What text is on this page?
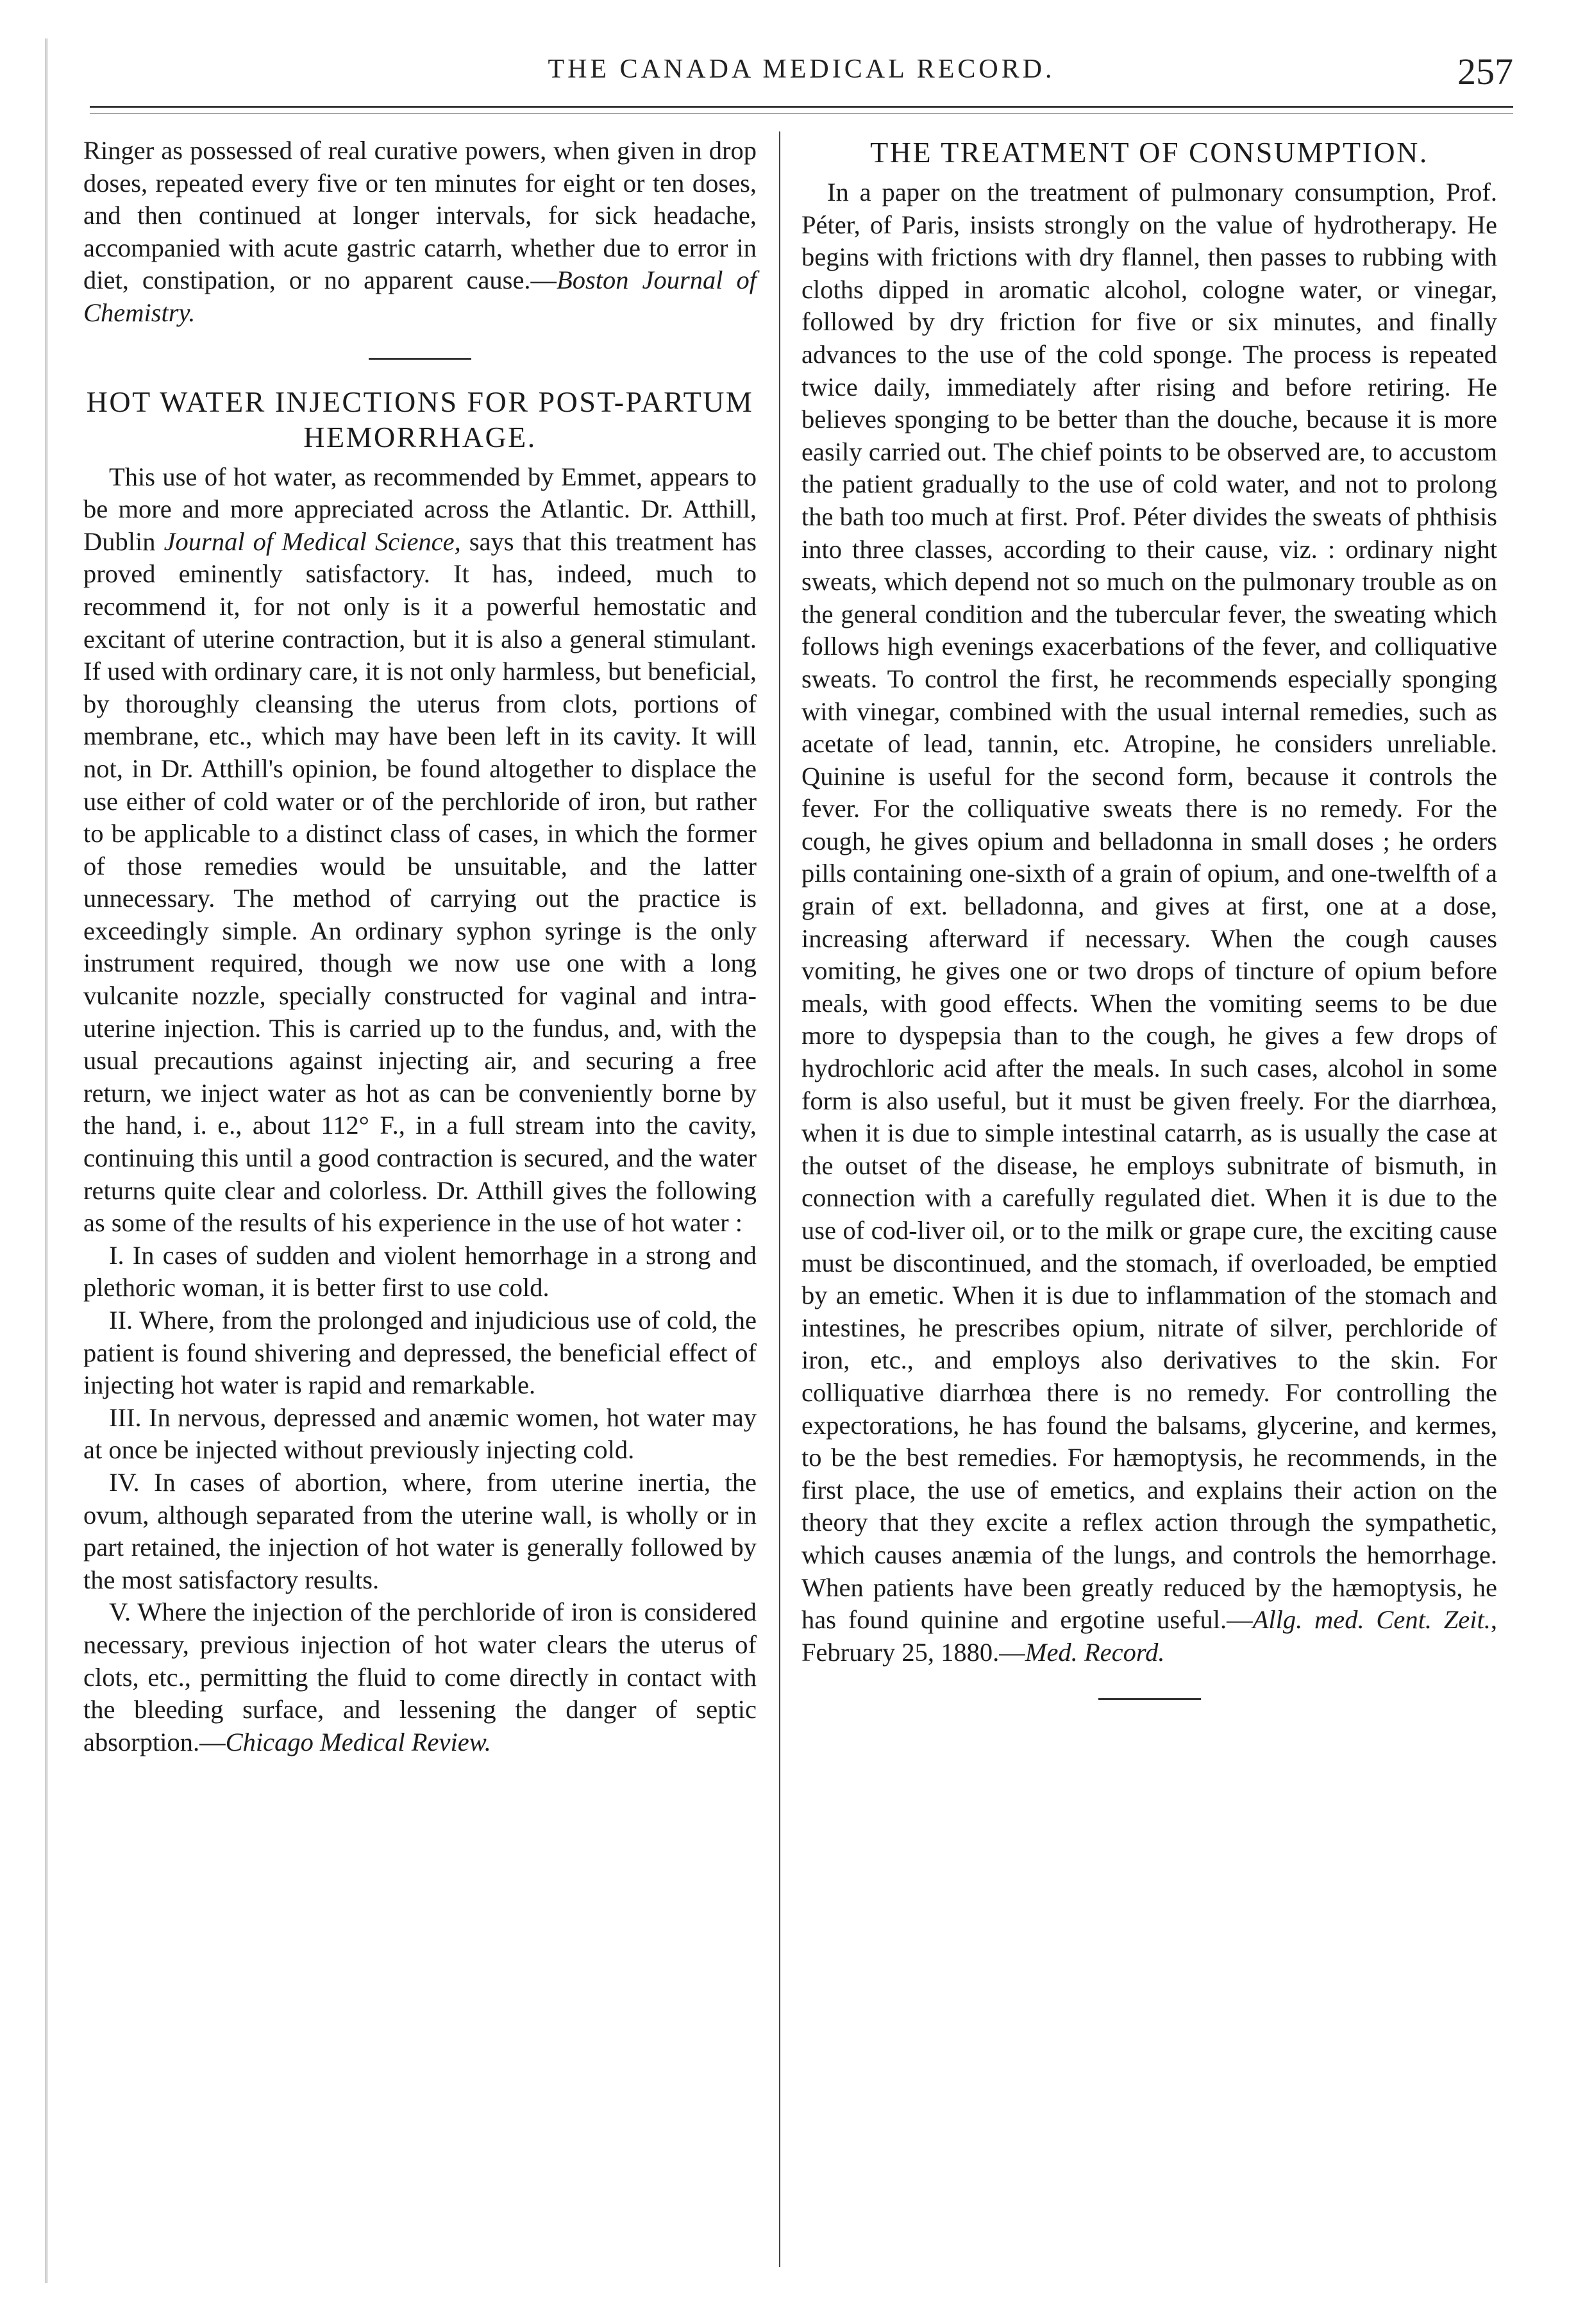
THE CANADA MEDICAL RECORD.	257

Ringer as possessed of real curative powers, when given in drop doses, repeated every five or ten minutes for eight or ten doses, and then continued at longer intervals, for sick headache, accompanied with acute gastric catarrh, whether due to error in diet, constipation, or no apparent cause.—Boston Journal of Chemistry.

HOT WATER INJECTIONS FOR POST-PARTUM HEMORRHAGE.

This use of hot water, as recommended by Emmet, appears to be more and more appreciated across the Atlantic. Dr. Atthill, Dublin Journal of Medical Science, says that this treatment has proved eminently satisfactory. It has, indeed, much to recommend it, for not only is it a powerful hemostatic and excitant of uterine contraction, but it is also a general stimulant. If used with ordinary care, it is not only harmless, but beneficial, by thoroughly cleansing the uterus from clots, portions of membrane, etc., which may have been left in its cavity. It will not, in Dr. Atthill's opinion, be found altogether to displace the use either of cold water or of the perchloride of iron, but rather to be applicable to a distinct class of cases, in which the former of those remedies would be unsuitable, and the latter unnecessary. The method of carrying out the practice is exceedingly simple. An ordinary syphon syringe is the only instrument required, though we now use one with a long vulcanite nozzle, specially constructed for vaginal and intra-uterine injection. This is carried up to the fundus, and, with the usual precautions against injecting air, and securing a free return, we inject water as hot as can be conveniently borne by the hand, i. e., about 112° F., in a full stream into the cavity, continuing this until a good contraction is secured, and the water returns quite clear and colorless. Dr. Atthill gives the following as some of the results of his experience in the use of hot water :

I. In cases of sudden and violent hemorrhage in a strong and plethoric woman, it is better first to use cold.

II. Where, from the prolonged and injudicious use of cold, the patient is found shivering and depressed, the beneficial effect of injecting hot water is rapid and remarkable.

III. In nervous, depressed and anæmic women, hot water may at once be injected without previously injecting cold.

IV. In cases of abortion, where, from uterine inertia, the ovum, although separated from the uterine wall, is wholly or in part retained, the injection of hot water is generally followed by the most satisfactory results.

V. Where the injection of the perchloride of iron is considered necessary, previous injection of hot water clears the uterus of clots, etc., permitting the fluid to come directly in contact with the bleeding surface, and lessening the danger of septic absorption.—Chicago Medical Review.

THE TREATMENT OF CONSUMPTION.

In a paper on the treatment of pulmonary consumption, Prof. Péter, of Paris, insists strongly on the value of hydrotherapy. He begins with frictions with dry flannel, then passes to rubbing with cloths dipped in aromatic alcohol, cologne water, or vinegar, followed by dry friction for five or six minutes, and finally advances to the use of the cold sponge. The process is repeated twice daily, immediately after rising and before retiring. He believes sponging to be better than the douche, because it is more easily carried out. The chief points to be observed are, to accustom the patient gradually to the use of cold water, and not to prolong the bath too much at first. Prof. Péter divides the sweats of phthisis into three classes, according to their cause, viz. : ordinary night sweats, which depend not so much on the pulmonary trouble as on the general condition and the tubercular fever, the sweating which follows high evenings exacerbations of the fever, and colliquative sweats. To control the first, he recommends especially sponging with vinegar, combined with the usual internal remedies, such as acetate of lead, tannin, etc. Atropine, he considers unreliable. Quinine is useful for the second form, because it controls the fever. For the colliquative sweats there is no remedy. For the cough, he gives opium and belladonna in small doses ; he orders pills containing one-sixth of a grain of opium, and one-twelfth of a grain of ext. belladonna, and gives at first, one at a dose, increasing afterward if necessary. When the cough causes vomiting, he gives one or two drops of tincture of opium before meals, with good effects. When the vomiting seems to be due more to dyspepsia than to the cough, he gives a few drops of hydrochloric acid after the meals. In such cases, alcohol in some form is also useful, but it must be given freely. For the diarrhœa, when it is due to simple intestinal catarrh, as is usually the case at the outset of the disease, he employs subnitrate of bismuth, in connection with a carefully regulated diet. When it is due to the use of cod-liver oil, or to the milk or grape cure, the exciting cause must be discontinued, and the stomach, if overloaded, be emptied by an emetic. When it is due to inflammation of the stomach and intestines, he prescribes opium, nitrate of silver, perchloride of iron, etc., and employs also derivatives to the skin. For colliquative diarrhœa there is no remedy. For controlling the expectorations, he has found the balsams, glycerine, and kermes, to be the best remedies. For hæmoptysis, he recommends, in the first place, the use of emetics, and explains their action on the theory that they excite a reflex action through the sympathetic, which causes anæmia of the lungs, and controls the hemorrhage. When patients have been greatly reduced by the hæmoptysis, he has found quinine and ergotine useful.—Allg. med. Cent. Zeit., February 25, 1880.—Med. Record.
